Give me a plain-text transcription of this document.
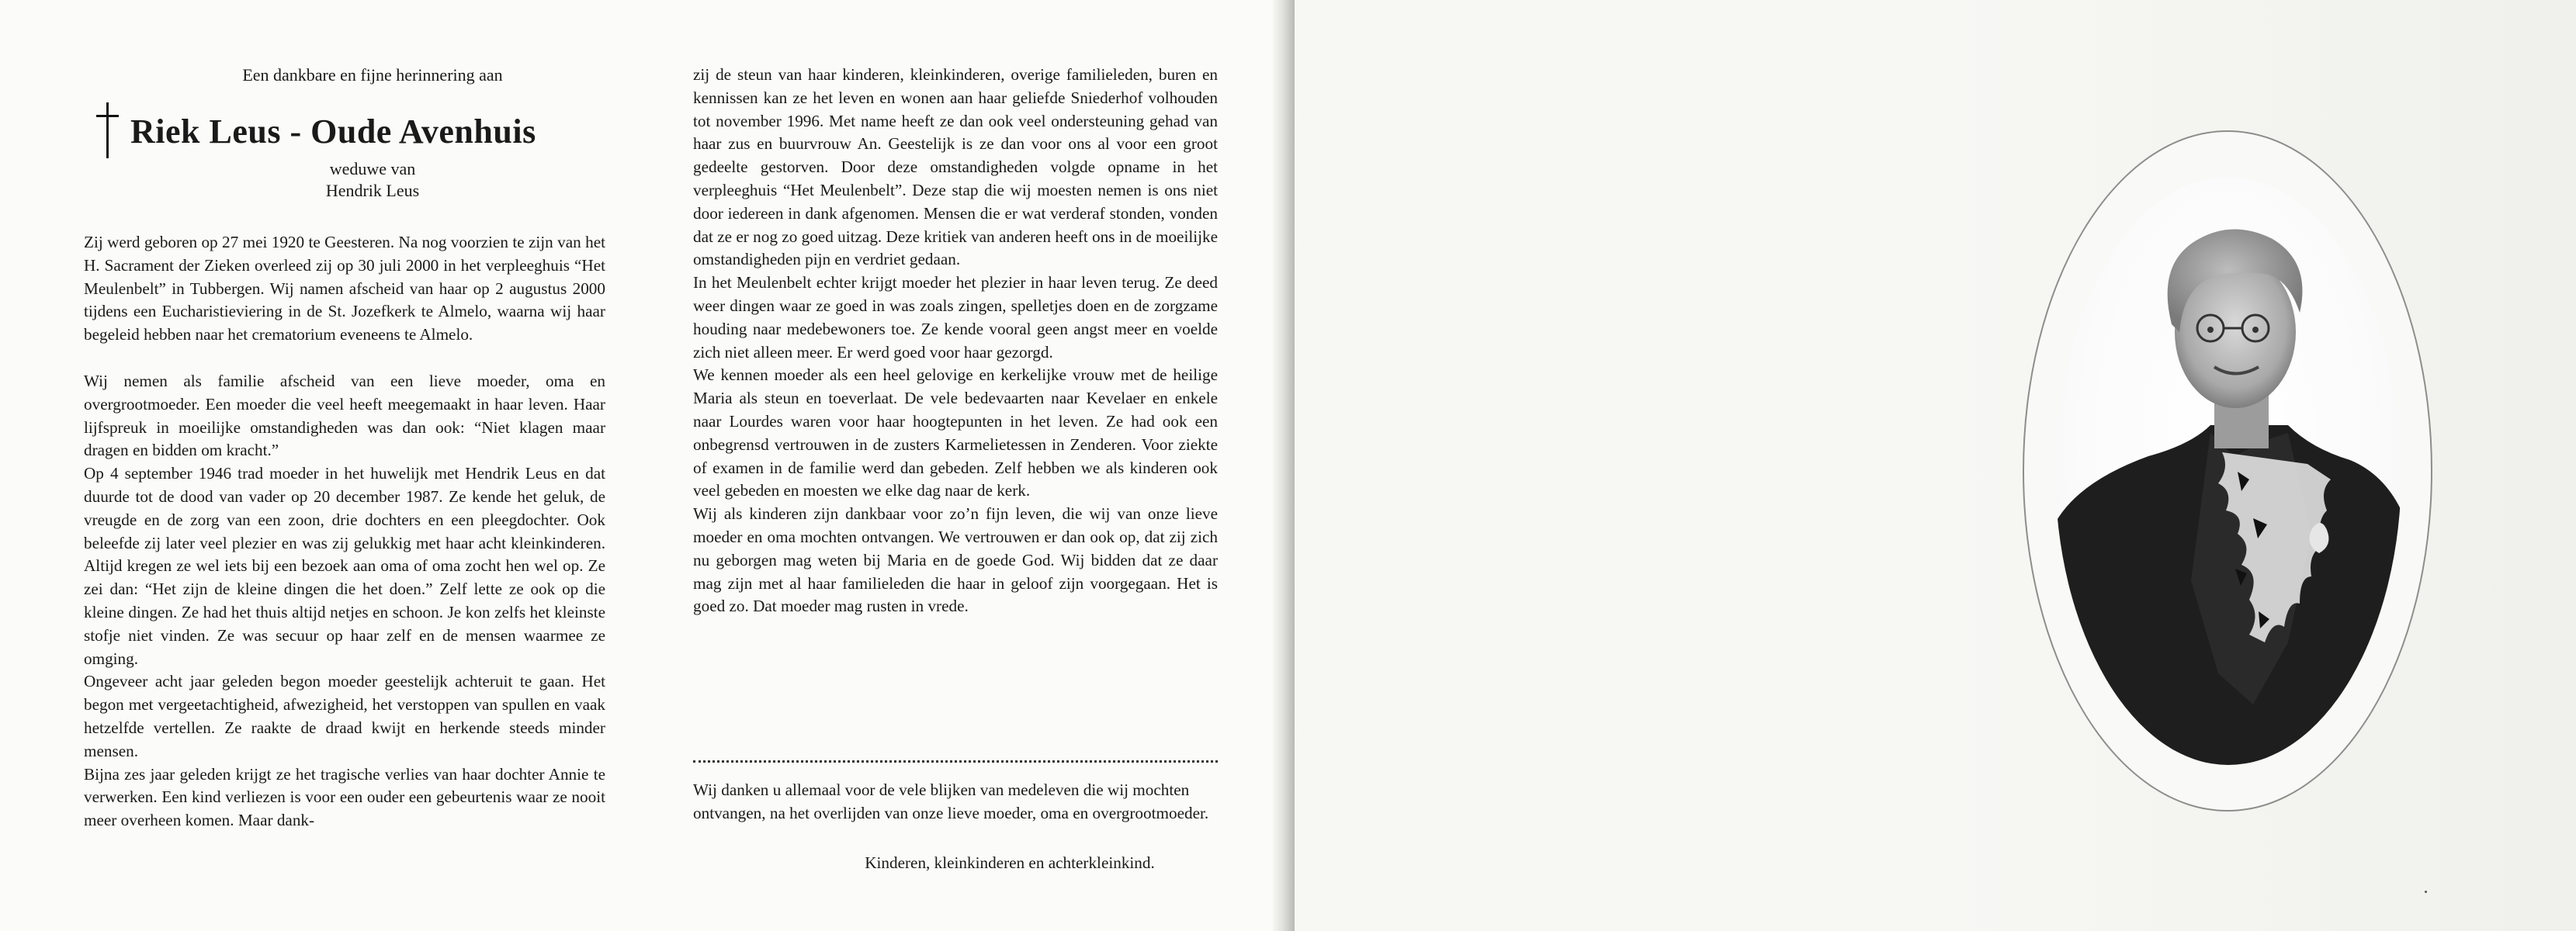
Een dankbare en fijne herinnering aan
Riek Leus - Oude Avenhuis
weduwe van
Hendrik Leus

Zij werd geboren op 27 mei 1920 te Geesteren. Na nog voorzien te zijn van het H. Sacrament der Zieken overleed zij op 30 juli 2000 in het verpleeghuis “Het Meulenbelt” in Tubbergen. Wij namen afscheid van haar op 2 augustus 2000 tijdens een Eucharistieviering in de St. Jozefkerk te Almelo, waarna wij haar begeleid hebben naar het crematorium eveneens te Almelo.

Wij nemen als familie afscheid van een lieve moeder, oma en overgrootmoeder. Een moeder die veel heeft meegemaakt in haar leven. Haar lijfspreuk in moeilijke omstandigheden was dan ook: “Niet klagen maar dragen en bidden om kracht.”

Op 4 september 1946 trad moeder in het huwelijk met Hendrik Leus en dat duurde tot de dood van vader op 20 december 1987. Ze kende het geluk, de vreugde en de zorg van een zoon, drie dochters en een pleegdochter. Ook beleefde zij later veel plezier en was zij gelukkig met haar acht kleinkinderen. Altijd kregen ze wel iets bij een bezoek aan oma of oma zocht hen wel op. Ze zei dan: “Het zijn de kleine dingen die het doen.” Zelf lette ze ook op die kleine dingen. Ze had het thuis altijd netjes en schoon. Je kon zelfs het kleinste stofje niet vinden. Ze was secuur op haar zelf en de mensen waarmee ze omging.

Ongeveer acht jaar geleden begon moeder geestelijk achteruit te gaan. Het begon met vergeetachtigheid, afwezigheid, het verstoppen van spullen en vaak hetzelfde vertellen. Ze raakte de draad kwijt en herkende steeds minder mensen.

Bijna zes jaar geleden krijgt ze het tragische verlies van haar dochter Annie te verwerken. Een kind verliezen is voor een ouder een gebeurtenis waar ze nooit meer overheen komen. Maar dank-

zij de steun van haar kinderen, kleinkinderen, overige familieleden, buren en kennissen kan ze het leven en wonen aan haar geliefde Sniederhof volhouden tot november 1996. Met name heeft ze dan ook veel ondersteuning gehad van haar zus en buurvrouw An. Geestelijk is ze dan voor ons al voor een groot gedeelte gestorven. Door deze omstandigheden volgde opname in het verpleeghuis “Het Meulenbelt”. Deze stap die wij moesten nemen is ons niet door iedereen in dank afgenomen. Mensen die er wat verderaf stonden, vonden dat ze er nog zo goed uitzag. Deze kritiek van anderen heeft ons in de moeilijke omstandigheden pijn en verdriet gedaan.

In het Meulenbelt echter krijgt moeder het plezier in haar leven terug. Ze deed weer dingen waar ze goed in was zoals zingen, spelletjes doen en de zorgzame houding naar medebewoners toe. Ze kende vooral geen angst meer en voelde zich niet alleen meer. Er werd goed voor haar gezorgd.

We kennen moeder als een heel gelovige en kerkelijke vrouw met de heilige Maria als steun en toeverlaat. De vele bedevaarten naar Kevelaer en enkele naar Lourdes waren voor haar hoogtepunten in het leven. Ze had ook een onbegrensd vertrouwen in de zusters Karmelietessen in Zenderen. Voor ziekte of examen in de familie werd dan gebeden. Zelf hebben we als kinderen ook veel gebeden en moesten we elke dag naar de kerk.

Wij als kinderen zijn dankbaar voor zo’n fijn leven, die wij van onze lieve moeder en oma mochten ontvangen. We vertrouwen er dan ook op, dat zij zich nu geborgen mag weten bij Maria en de goede God. Wij bidden dat ze daar mag zijn met al haar familieleden die haar in geloof zijn voorgegaan. Het is goed zo. Dat moeder mag rusten in vrede.

Wij danken u allemaal voor de vele blijken van medeleven die wij mochten ontvangen, na het overlijden van onze lieve moeder, oma en overgrootmoeder.
Kinderen, kleinkinderen en achterkleinkind.
